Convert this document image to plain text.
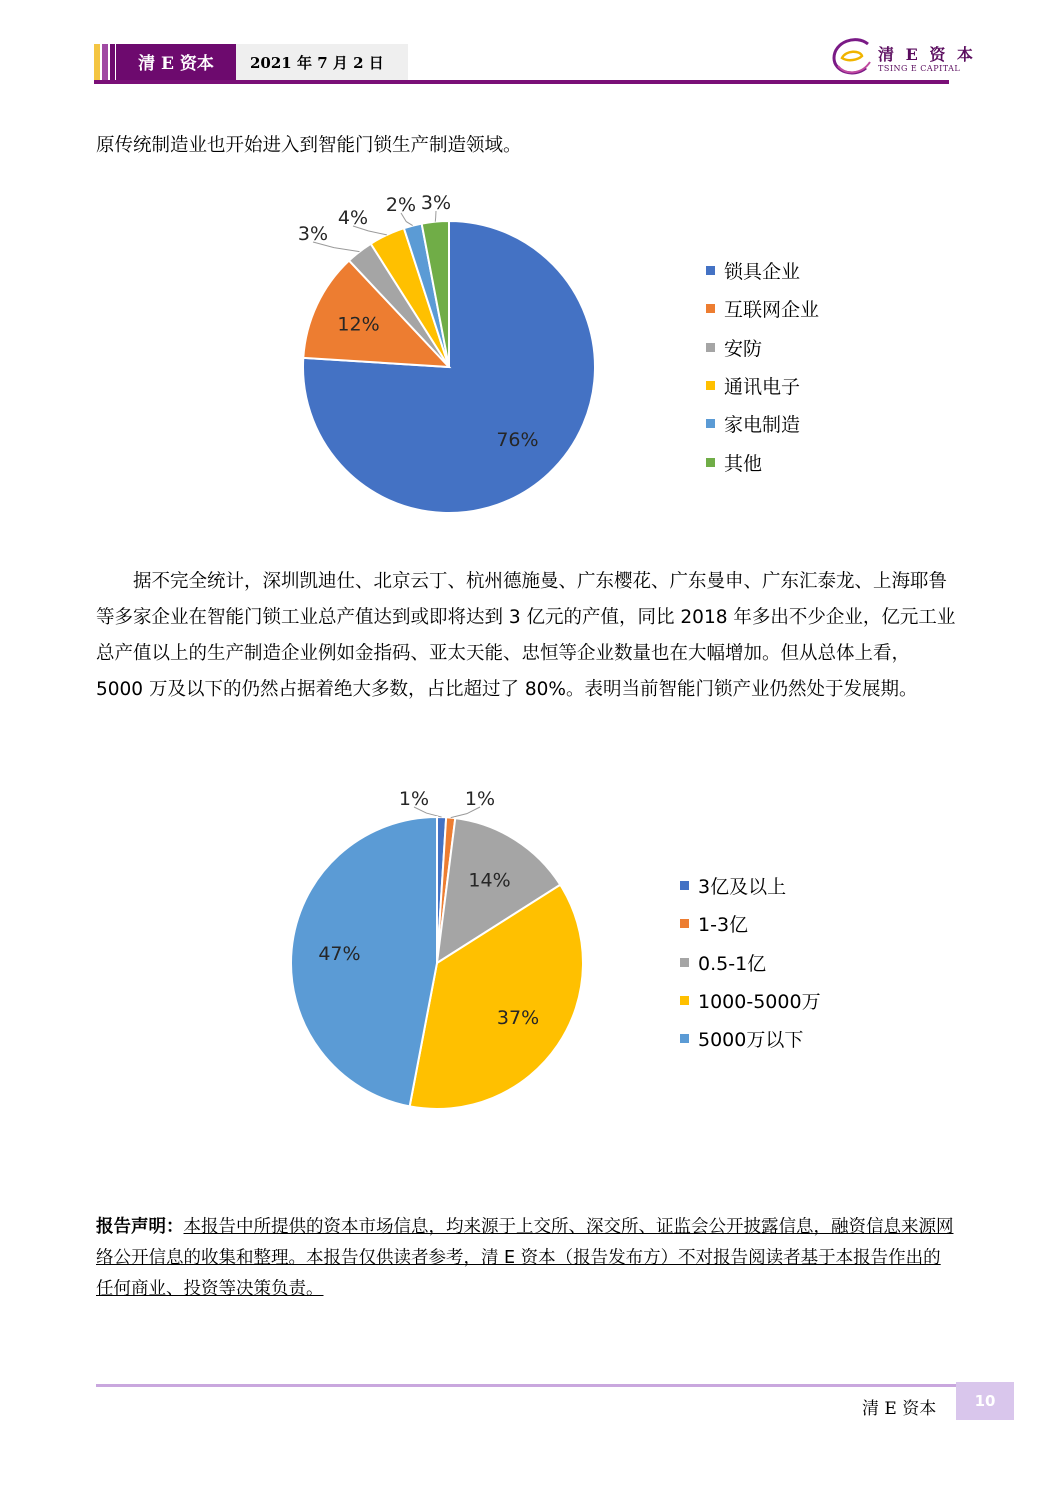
清 E 资本	2021 年 7 月 2 日	清 E 资 本
TSING E CAPITAL
原传统制造业也开始进入到智能门锁生产制造领域。
76%
12%
3%
4%
2% 3%
1% 1%
14%
37%
47%
锁具企业
互联网企业
安防
通讯电子
家电制造
其他
3亿及以上
1-3亿
0.5-1亿
1000-5000万
5000万以下
据不完全统计，深圳凯迪仕、北京云丁、杭州德施曼、广东樱花、广东曼申、广东汇泰龙、上海耶鲁等多家企业在智能门锁工业总产值达到或即将达到 3 亿元的产值，同比 2018 年多出不少企业，亿元工业总产值以上的生产制造企业例如金指码、亚太天能、忠恒等企业数量也在大幅增加。但从总体上看，5000 万及以下的仍然占据着绝大多数，占比超过了 80%。表明当前智能门锁产业仍然处于发展期。
报告声明：本报告中所提供的资本市场信息，均来源于上交所、深交所、证监会公开披露信息，融资信息来源网络公开信息的收集和整理。本报告仅供读者参考，清 E 资本（报告发布方）不对报告阅读者基于本报告作出的任何商业、投资等决策负责。
清 E 资本	10
